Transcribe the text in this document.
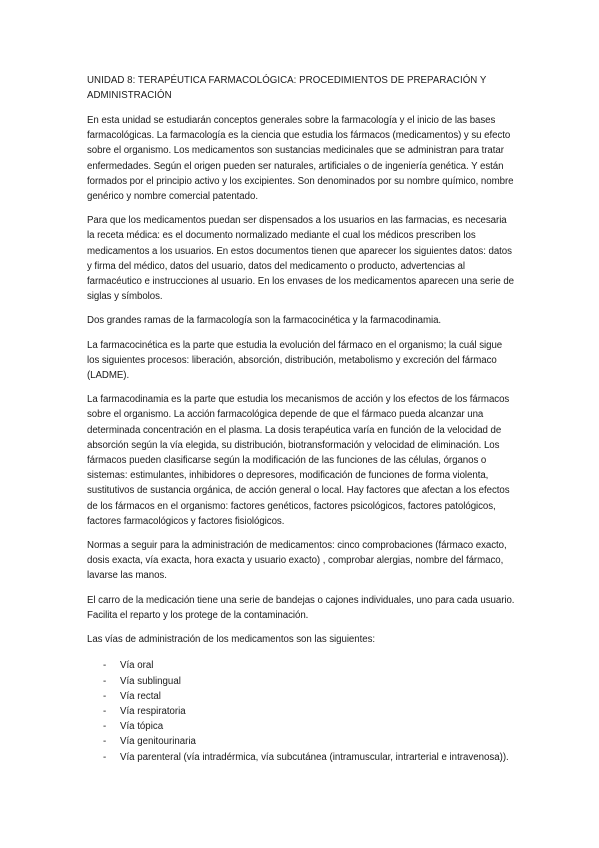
UNIDAD 8: TERAPÉUTICA FARMACOLÓGICA: PROCEDIMIENTOS DE PREPARACIÓN Y ADMINISTRACIÓN

En esta unidad se estudiarán conceptos generales sobre la farmacología y el inicio de las bases farmacológicas. La farmacología es la ciencia que estudia los fármacos (medicamentos) y su efecto sobre el organismo. Los medicamentos son sustancias medicinales que se administran para tratar enfermedades. Según el origen pueden ser naturales, artificiales o de ingeniería genética. Y están formados por el principio activo y los excipientes. Son denominados por su nombre químico, nombre genérico y nombre comercial patentado.

Para que los medicamentos puedan ser dispensados a los usuarios en las farmacias, es necesaria la receta médica: es el documento normalizado mediante el cual los médicos prescriben los medicamentos a los usuarios. En estos documentos tienen que aparecer los siguientes datos: datos y firma del médico, datos del usuario, datos del medicamento o producto, advertencias al farmacéutico e instrucciones al usuario. En los envases de los medicamentos aparecen una serie de siglas y símbolos.

Dos grandes ramas de la farmacología son la farmacocinética y la farmacodinamia.

La farmacocinética es la parte que estudia la evolución del fármaco en el organismo; la cuál sigue los siguientes procesos: liberación, absorción, distribución, metabolismo y excreción del fármaco (LADME).

La farmacodinamia es la parte que estudia los mecanismos de acción y los efectos de los fármacos sobre el organismo. La acción farmacológica depende de que el fármaco pueda alcanzar una determinada concentración en el plasma. La dosis terapéutica varía en función de la velocidad de absorción según la vía elegida, su distribución, biotransformación y velocidad de eliminación. Los fármacos pueden clasificarse según la modificación de las funciones de las células, órganos o sistemas: estimulantes, inhibidores o depresores, modificación de funciones de forma violenta, sustitutivos de sustancia orgánica, de acción general o local. Hay factores que afectan a los efectos de los fármacos en el organismo: factores genéticos, factores psicológicos, factores patológicos, factores farmacológicos y factores fisiológicos.

Normas a seguir para la administración de medicamentos: cinco comprobaciones (fármaco exacto, dosis exacta, vía exacta, hora exacta y usuario exacto) , comprobar alergias, nombre del fármaco, lavarse las manos.

El carro de la medicación tiene una serie de bandejas o cajones individuales, uno para cada usuario. Facilita el reparto y los protege de la contaminación.

Las vías de administración de los medicamentos son las siguientes:

- Vía oral
- Vía sublingual
- Vía rectal
- Vía respiratoria
- Vía tópica
- Vía genitourinaria
- Vía parenteral (vía intradérmica, vía subcutánea (intramuscular, intrarterial e intravenosa)).
